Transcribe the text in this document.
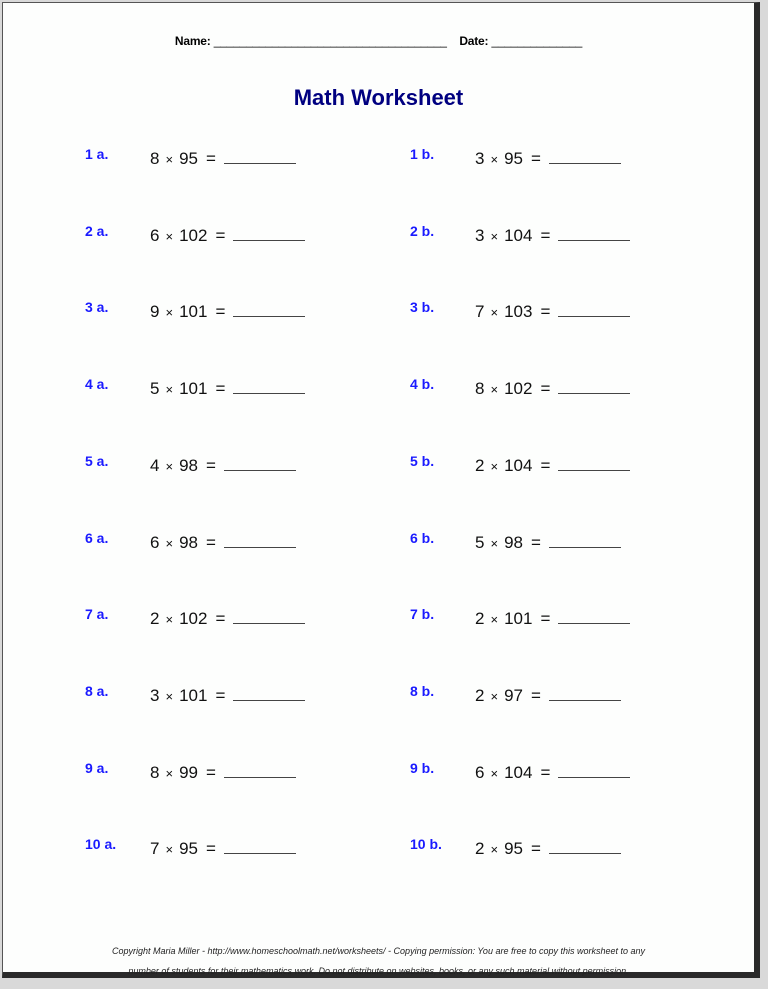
Name: ____________________________________ Date: ______________
Math Worksheet
1 a. 8 × 95 =	1 b. 3 × 95 =
2 a. 6 × 102 =	2 b. 3 × 104 =
3 a. 9 × 101 =	3 b. 7 × 103 =
4 a. 5 × 101 =	4 b. 8 × 102 =
5 a. 4 × 98 =	5 b. 2 × 104 =
6 a. 6 × 98 =	6 b. 5 × 98 =
7 a. 2 × 102 =	7 b. 2 × 101 =
8 a. 3 × 101 =	8 b. 2 × 97 =
9 a. 8 × 99 =	9 b. 6 × 104 =
10 a. 7 × 95 =	10 b. 2 × 95 =
Copyright Maria Miller - http://www.homeschoolmath.net/worksheets/ - Copying permission: You are free to copy this worksheet to any
number of students for their mathematics work. Do not distribute on websites, books, or any such material without permission.
